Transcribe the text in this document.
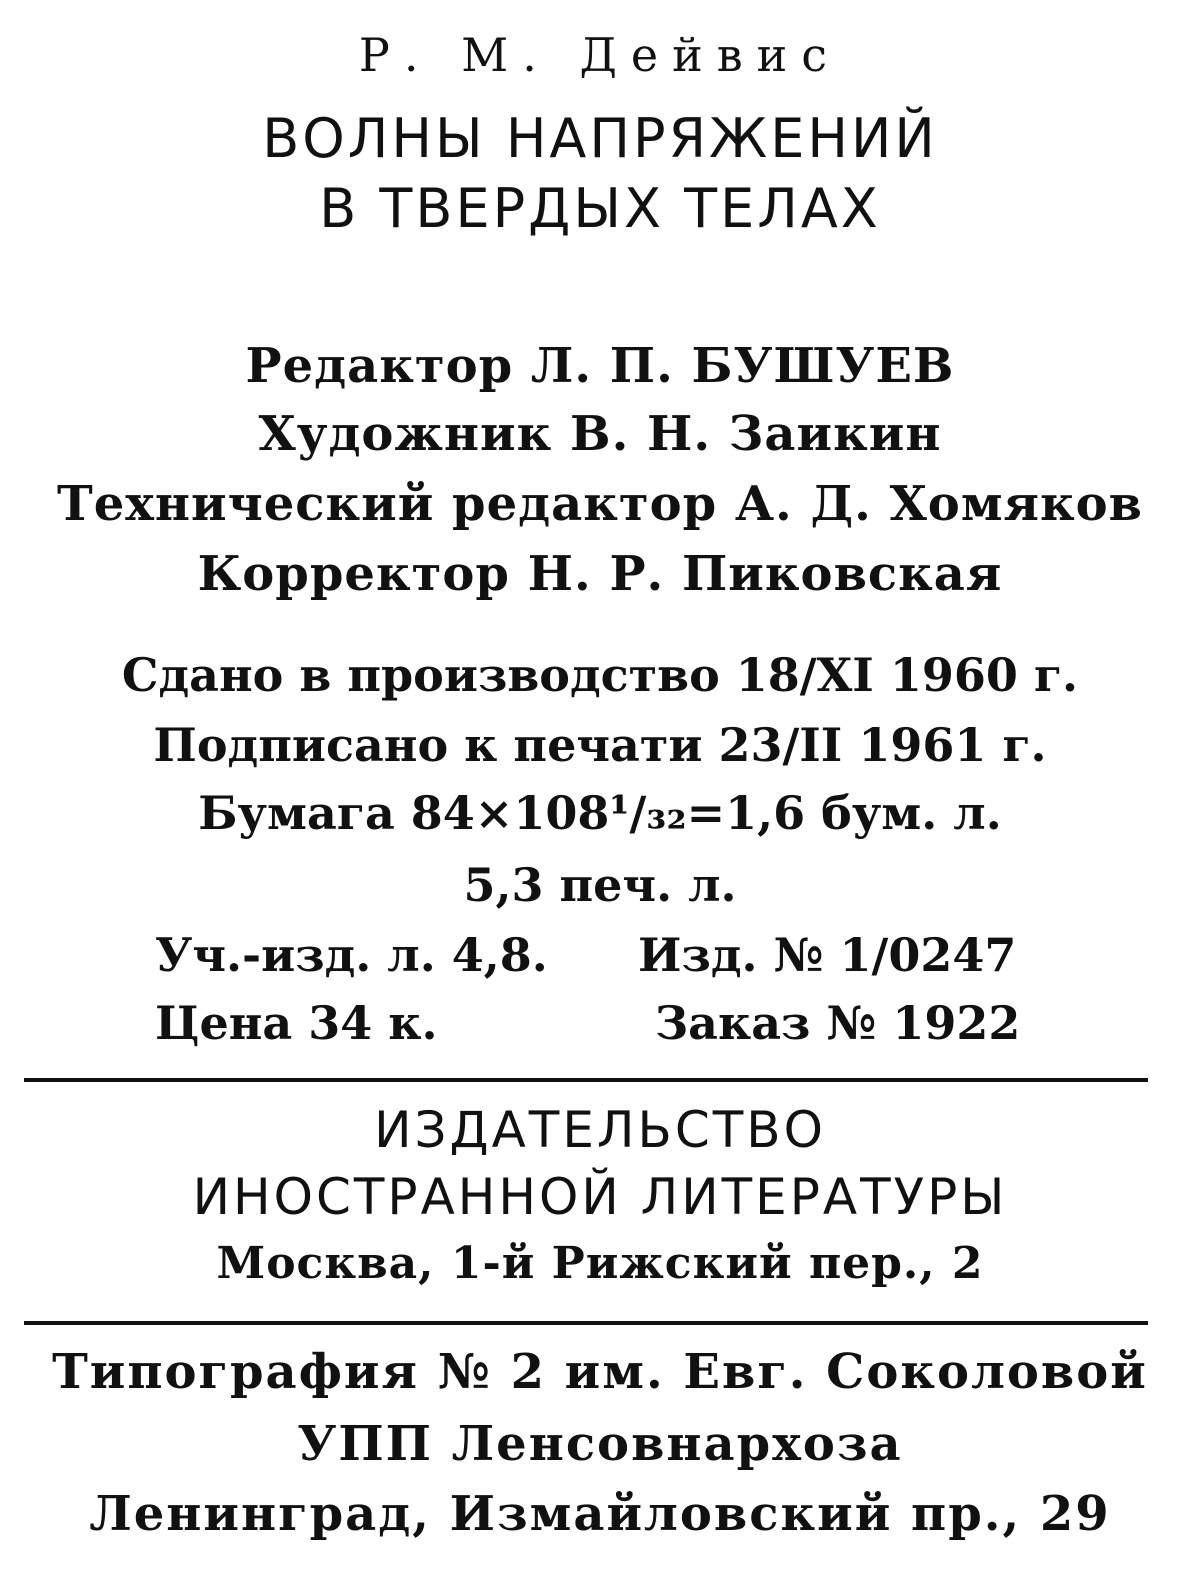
Р. М. Дейвис
ВОЛНЫ НАПРЯЖЕНИЙ
В ТВЕРДЫХ ТЕЛАХ
Редактор Л. П. БУШУЕВ
Художник В. Н. Заикин
Технический редактор А. Д. Хомяков
Корректор Н. Р. Пиковская
Сдано в производство 18/XI 1960 г.
Подписано к печати 23/II 1961 г.
Бумага 84×108¹/₃₂=1,6 бум. л.
5,3 печ. л.
Уч.-изд. л. 4,8. Изд. № 1/0247
Цена 34 к.	Заказ № 1922
ИЗДАТЕЛЬСТВО
ИНОСТРАННОЙ ЛИТЕРАТУРЫ
Москва, 1-й Рижский пер., 2
Типография № 2 им. Евг. Соколовой
УПП Ленсовнархоза
Ленинград, Измайловский пр., 29
